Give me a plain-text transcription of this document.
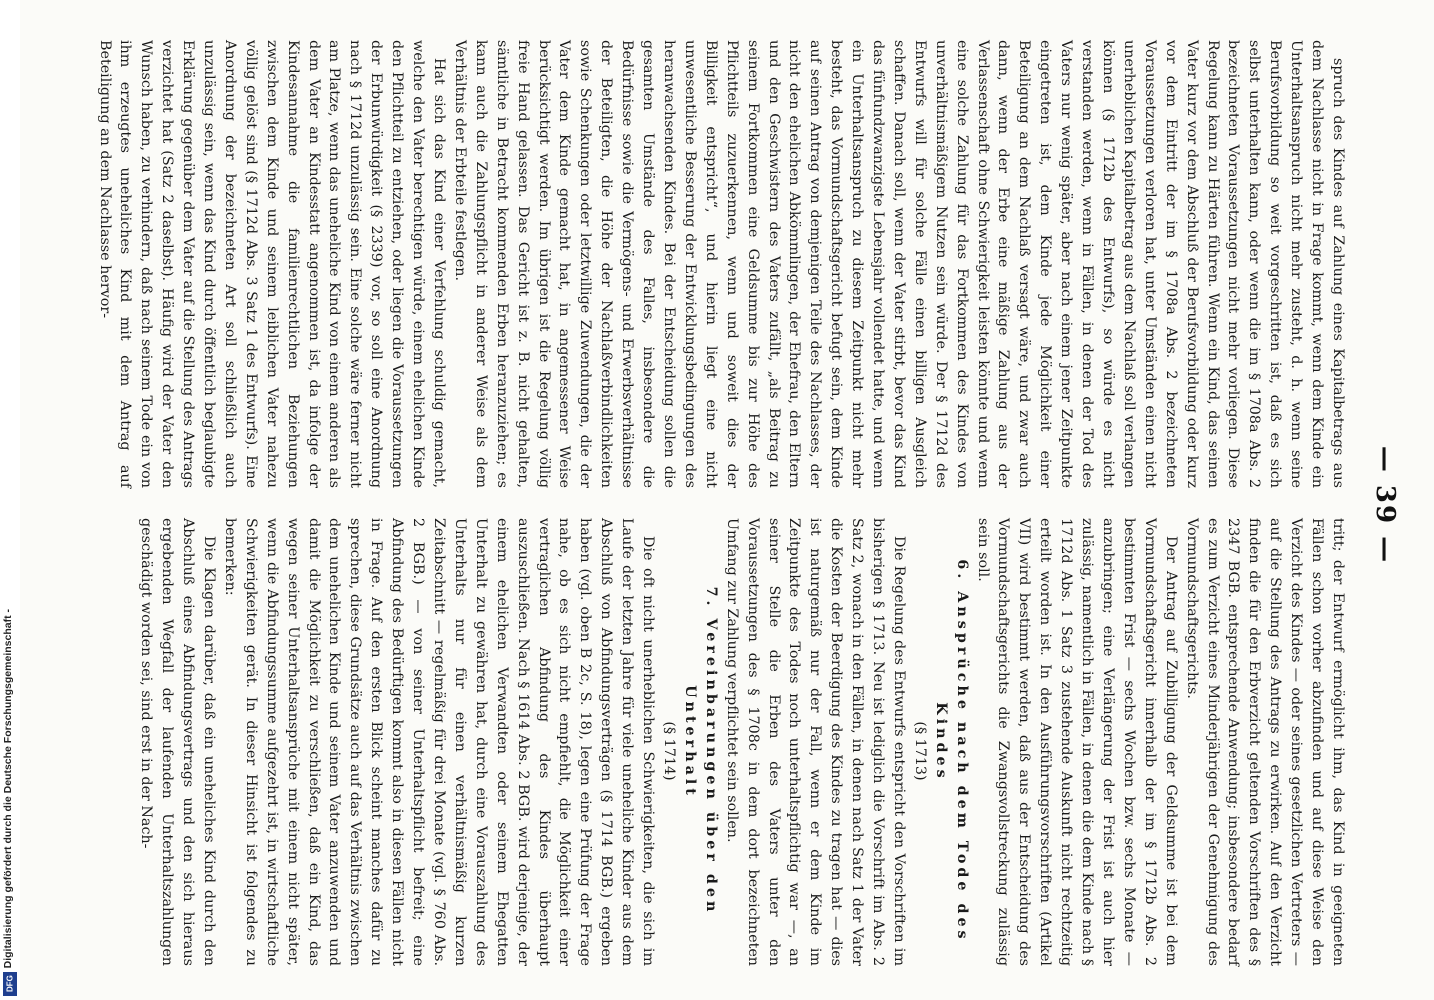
— 39 —

spruch des Kindes auf Zahlung eines Kapitalbetrags aus dem Nachlasse nicht in Frage kommt, wenn dem Kinde ein Unterhaltsanspruch nicht mehr zusteht, d. h. wenn seine Berufsvorbildung so weit vorgeschritten ist, daß es sich selbst unterhalten kann, oder wenn die im § 1708a Abs. 2 bezeichneten Voraussetzungen nicht mehr vorliegen. Diese Regelung kann zu Härten führen. Wenn ein Kind, das seinen Vater kurz vor dem Abschluß der Berufsvorbildung oder kurz vor dem Eintritt der im § 1708a Abs. 2 bezeichneten Voraussetzungen verloren hat, unter Umständen einen nicht unerheblichen Kapitalbetrag aus dem Nachlaß soll verlangen können (§ 1712b des Entwurfs), so würde es nicht verstanden werden, wenn in Fällen, in denen der Tod des Vaters nur wenig später, aber nach einem jener Zeitpunkte eingetreten ist, dem Kinde jede Möglichkeit einer Beteiligung an dem Nachlaß versagt wäre, und zwar auch dann, wenn der Erbe eine mäßige Zahlung aus der Verlassenschaft ohne Schwierigkeit leisten könnte und wenn eine solche Zahlung für das Fortkommen des Kindes von unverhältnismäßigem Nutzen sein würde. Der § 1712d des Entwurfs will für solche Fälle einen billigen Ausgleich schaffen. Danach soll, wenn der Vater stirbt, bevor das Kind das fünfundzwanzigste Lebensjahr vollendet hatte, und wenn ein Unterhaltsanspruch zu diesem Zeitpunkt nicht mehr besteht, das Vormundschaftsgericht befugt sein, dem Kinde auf seinen Antrag von demjenigen Teile des Nachlasses, der nicht den ehelichen Abkömmlingen, der Ehefrau, den Eltern und den Geschwistern des Vaters zufällt, „als Beitrag zu seinem Fortkommen eine Geldsumme bis zur Höhe des Pflichtteils zuzuerkennen, wenn und soweit dies der Billigkeit entspricht“, und hierin liegt eine nicht unwesentliche Besserung der Entwicklungsbedingungen des heranwachsenden Kindes. Bei der Entscheidung sollen die gesamten Umstände des Falles, insbesondere die Bedürfnisse sowie die Vermögens- und Erwerbsverhältnisse der Beteiligten, die Höhe der Nachlaßverbindlichkeiten sowie Schenkungen oder letztwillige Zuwendungen, die der Vater dem Kinde gemacht hat, in angemessener Weise berücksichtigt werden. Im übrigen ist die Regelung völlig freie Hand gelassen. Das Gericht ist z. B. nicht gehalten, sämtliche in Betracht kommenden Erben heranzuziehen; es kann auch die Zahlungspflicht in anderer Weise als dem Verhältnis der Erbteile festlegen.

Hat sich das Kind einer Verfehlung schuldig gemacht, welche den Vater berechtigen würde, einem ehelichen Kinde den Pflichtteil zu entziehen, oder liegen die Voraussetzungen der Erbunwürdigkeit (§ 2339) vor, so soll eine Anordnung nach § 1712d unzulässig sein. Eine solche wäre ferner nicht am Platze, wenn das uneheliche Kind von einem anderen als dem Vater an Kindesstatt angenommen ist, da infolge der Kindesannahme die familienrechtlichen Beziehungen zwischen dem Kinde und seinem leiblichen Vater nahezu völlig gelöst sind (§ 1712d Abs. 3 Satz 1 des Entwurfs). Eine Anordnung der bezeichneten Art soll schließlich auch unzulässig sein, wenn das Kind durch öffentlich beglaubigte Erklärung gegenüber dem Vater auf die Stellung des Antrags verzichtet hat (Satz 2 daselbst). Häufig wird der Vater den Wunsch haben, zu verhindern, daß nach seinem Tode ein von ihm erzeugtes uneheliches Kind mit dem Antrag auf Beteiligung an dem Nachlasse hervor-

tritt; der Entwurf ermöglicht ihm, das Kind in geeigneten Fällen schon vorher abzufinden und auf diese Weise den Verzicht des Kindes — oder seines gesetzlichen Vertreters — auf die Stellung des Antrags zu erwirken. Auf den Verzicht finden die für den Erbverzicht geltenden Vorschriften des § 2347 BGB. entsprechende Anwendung; insbesondere bedarf es zum Verzicht eines Minderjährigen der Genehmigung des Vormundschaftsgerichts.

Der Antrag auf Zubilligung der Geldsumme ist bei dem Vormundschaftsgericht innerhalb der im § 1712b Abs. 2 bestimmten Frist — sechs Wochen bzw. sechs Monate — anzubringen; eine Verlängerung der Frist ist auch hier zulässig, namentlich in Fällen, in denen die dem Kinde nach § 1712d Abs. 1 Satz 3 zustehende Auskunft nicht rechtzeitig erteilt worden ist. In den Ausführungsvorschriften (Artikel VII) wird bestimmt werden, daß aus der Entscheidung des Vormundschaftsgerichts die Zwangsvollstreckung zulässig sein soll.

6. Ansprüche nach dem Tode des Kindes

(§ 1713)

Die Regelung des Entwurfs entspricht den Vorschriften im bisherigen § 1713. Neu ist lediglich die Vorschrift im Abs. 2 Satz 2, wonach in den Fällen, in denen nach Satz 1 der Vater die Kosten der Beerdigung des Kindes zu tragen hat — dies ist naturgemäß nur der Fall, wenn er dem Kinde im Zeitpunkte des Todes noch unterhaltspflichtig war —, an seiner Stelle die Erben des Vaters unter den Voraussetzungen des § 1708c in dem dort bezeichneten Umfang zur Zahlung verpflichtet sein sollen.

7. Vereinbarungen über den Unterhalt

(§ 1714)

Die oft nicht unerheblichen Schwierigkeiten, die sich im Laufe der letzten Jahre für viele uneheliche Kinder aus dem Abschluß von Abfindungsverträgen (§ 1714 BGB.) ergeben haben (vgl. oben B 2c, S. 18), legen eine Prüfung der Frage nahe, ob es sich nicht empfiehlt, die Möglichkeit einer vertraglichen Abfindung des Kindes überhaupt auszuschließen. Nach § 1614 Abs. 2 BGB. wird derjenige, der einem ehelichen Verwandten oder seinem Ehegatten Unterhalt zu gewähren hat, durch eine Vorauszahlung des Unterhalts nur für einen verhältnismäßig kurzen Zeitabschnitt — regelmäßig für drei Monate (vgl. § 760 Abs. 2 BGB.) — von seiner Unterhaltspflicht befreit; eine Abfindung des Bedürftigen kommt also in diesen Fällen nicht in Frage. Auf den ersten Blick scheint manches dafür zu sprechen, diese Grundsätze auch auf das Verhältnis zwischen dem unehelichen Kinde und seinem Vater anzuwenden und damit die Möglichkeit zu verschließen, daß ein Kind, das wegen seiner Unterhaltsansprüche mit einem nicht später, wenn die Abfindungssumme aufgezehrt ist, in wirtschaftliche Schwierigkeiten gerät. In dieser Hinsicht ist folgendes zu bemerken:

Die Klagen darüber, daß ein uneheliches Kind durch den Abschluß eines Abfindungsvertrags und den sich hieraus ergebenden Wegfall der laufenden Unterhaltszahlungen geschädigt worden sei, sind erst in der Nach-

Digitalisierung gefördert durch die Deutsche Forschungsgemeinschaft -
DFG
